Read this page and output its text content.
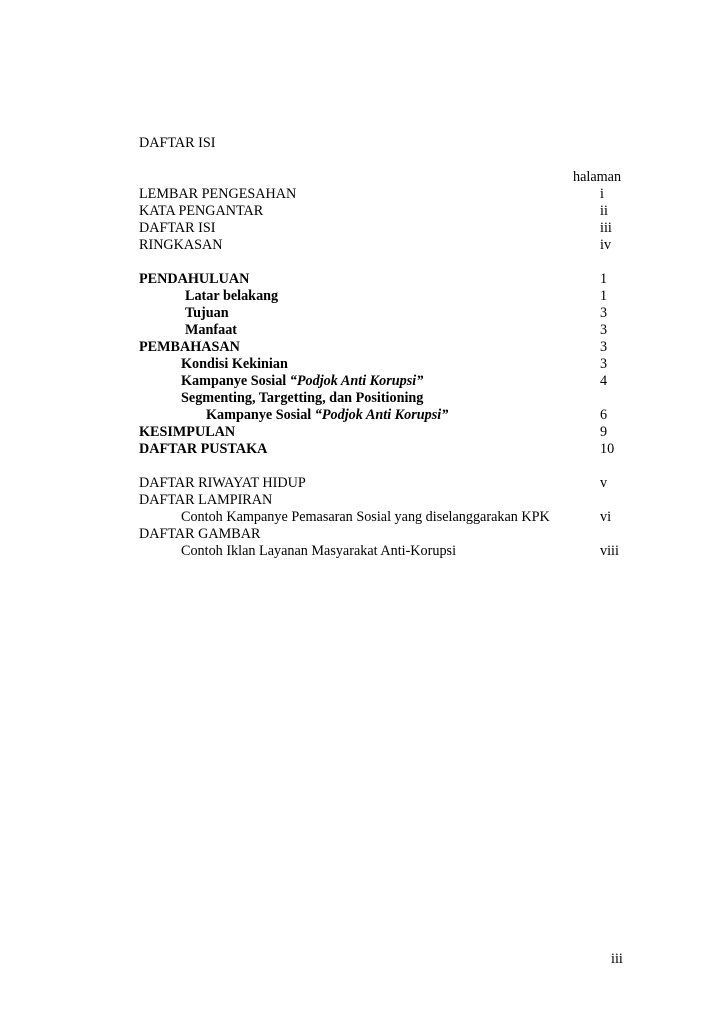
DAFTAR ISI
halaman
LEMBAR PENGESAHAN	i
KATA PENGANTAR	ii
DAFTAR ISI	iii
RINGKASAN	iv
PENDAHULUAN	1
Latar belakang	1
Tujuan	3
Manfaat	3
PEMBAHASAN	3
Kondisi Kekinian	3
Kampanye Sosial “Podjok Anti Korupsi”	4
Segmenting, Targetting, dan Positioning
Kampanye Sosial “Podjok Anti Korupsi”	6
KESIMPULAN	9
DAFTAR PUSTAKA	10
DAFTAR RIWAYAT HIDUP	v
DAFTAR LAMPIRAN
Contoh Kampanye Pemasaran Sosial yang diselanggarakan KPK	vi
DAFTAR GAMBAR
Contoh Iklan Layanan Masyarakat Anti-Korupsi	viii
iii
